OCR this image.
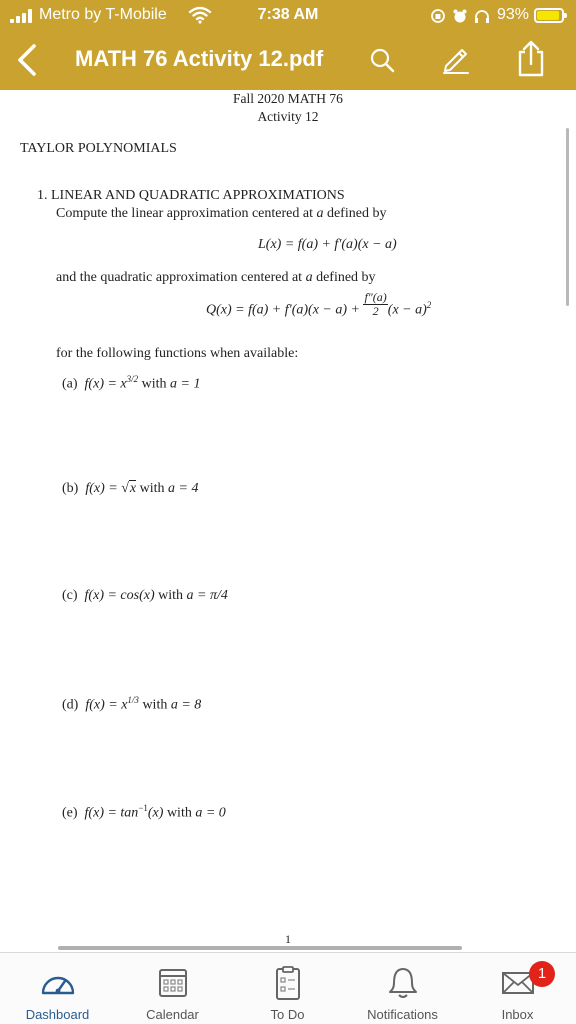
Metro by T-Mobile	7:38 AM	93%
MATH 76 Activity 12.pdf
Fall 2020 MATH 76
Activity 12
TAYLOR POLYNOMIALS
1. LINEAR AND QUADRATIC APPROXIMATIONS
Compute the linear approximation centered at a defined by
L(x) = f(a) + f′(a)(x − a)
and the quadratic approximation centered at a defined by
$Q(x) = f(a) + f'(a)(x - a) + \frac{f''(a)}{2} (x - a)^2$
for the following functions when available:
(a) $f(x) = x^{3/2}$ with a = 1
(b) f(x) = √x with a = 4
(c) f(x) = cos(x) with a = π/4
(d) $f(x) = x^{1/3}$ with a = 8
(e) $f(x) = \tan^{-1}(x)$ with a = 0
1
Dashboard	Calendar	To Do	Notifications	Inbox
1
